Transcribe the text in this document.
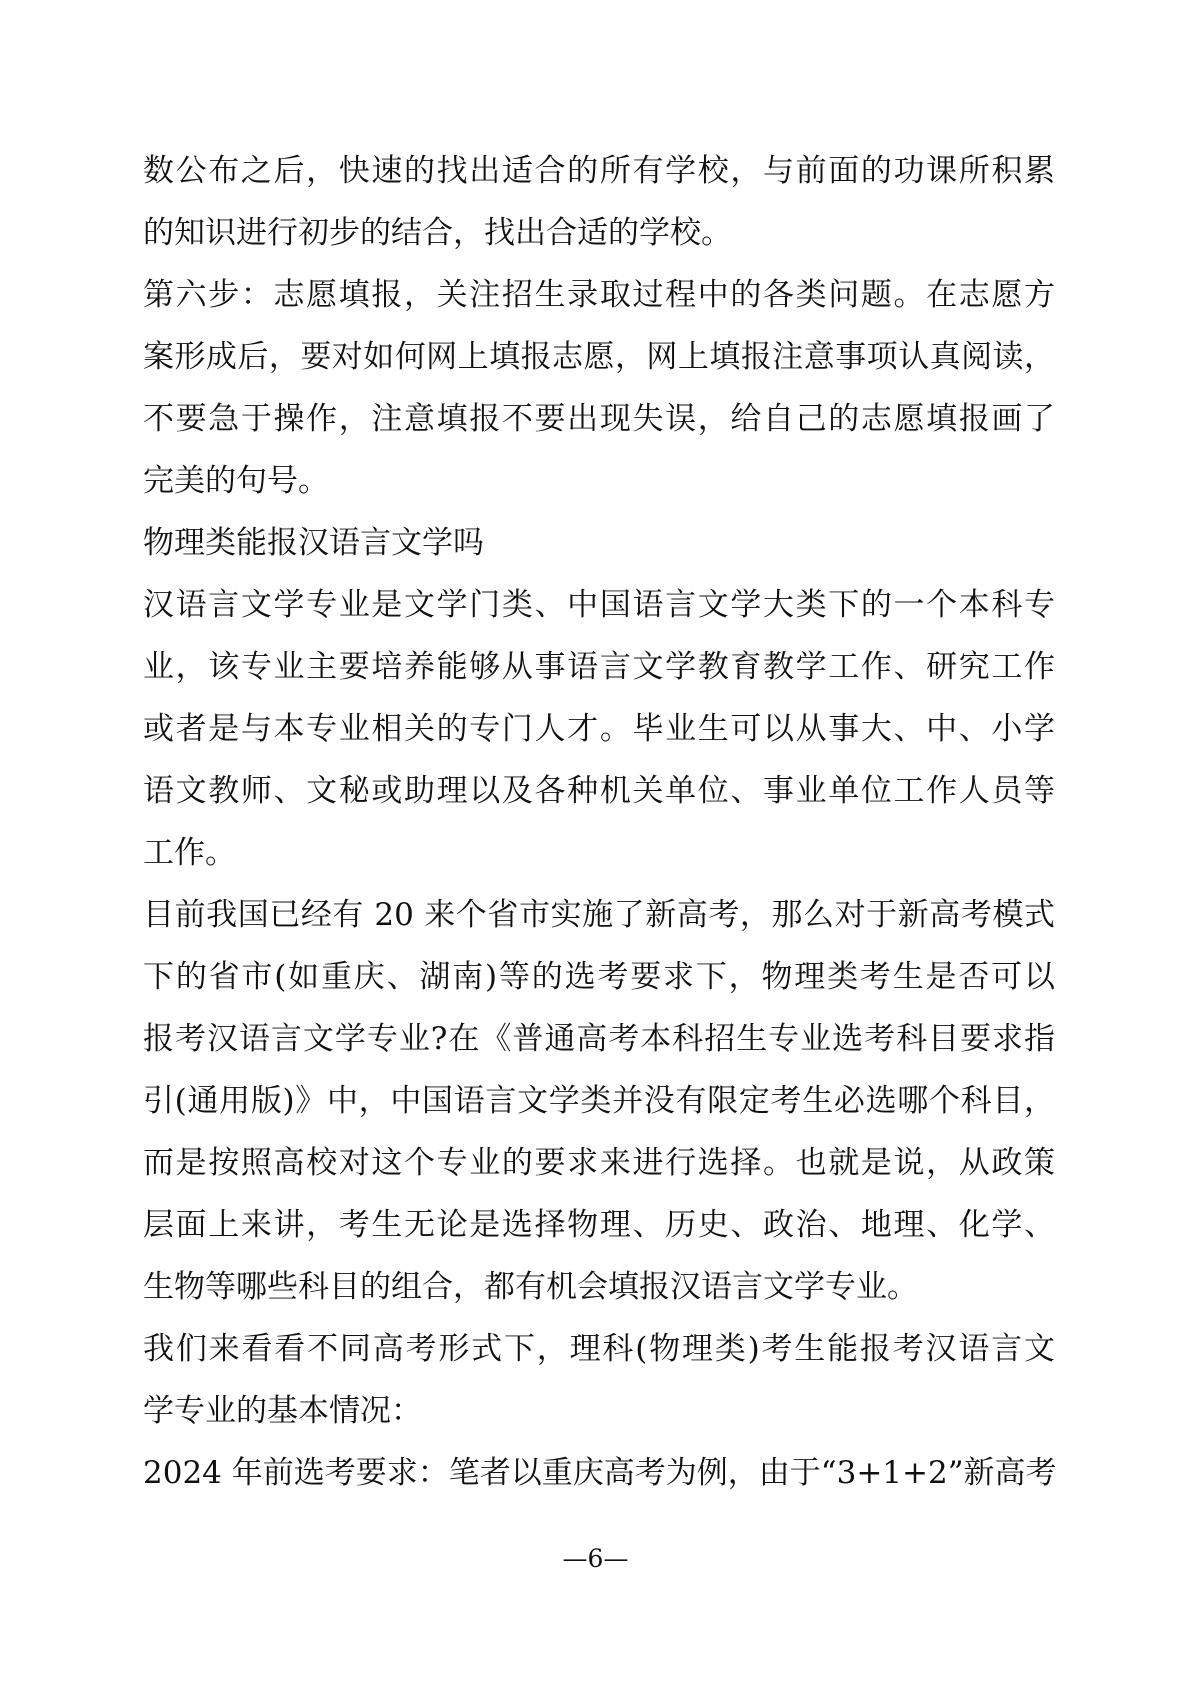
数公布之后，快速的找出适合的所有学校，与前面的功课所积累

的知识进行初步的结合，找出合适的学校。

第六步：志愿填报，关注招生录取过程中的各类问题。在志愿方

案形成后，要对如何网上填报志愿，网上填报注意事项认真阅读，

不要急于操作，注意填报不要出现失误，给自己的志愿填报画了

完美的句号。

物理类能报汉语言文学吗

汉语言文学专业是文学门类、中国语言文学大类下的一个本科专

业，该专业主要培养能够从事语言文学教育教学工作、研究工作

或者是与本专业相关的专门人才。毕业生可以从事大、中、小学

语文教师、文秘或助理以及各种机关单位、事业单位工作人员等

工作。

目前我国已经有 20 来个省市实施了新高考，那么对于新高考模式

下的省市(如重庆、湖南)等的选考要求下，物理类考生是否可以

报考汉语言文学专业?在《普通高考本科招生专业选考科目要求指

引(通用版)》中，中国语言文学类并没有限定考生必选哪个科目，

而是按照高校对这个专业的要求来进行选择。也就是说，从政策

层面上来讲，考生无论是选择物理、历史、政治、地理、化学、

生物等哪些科目的组合，都有机会填报汉语言文学专业。

我们来看看不同高考形式下，理科(物理类)考生能报考汉语言文

学专业的基本情况：

2024 年前选考要求：笔者以重庆高考为例，由于“3+1+2”新高考

—6—
